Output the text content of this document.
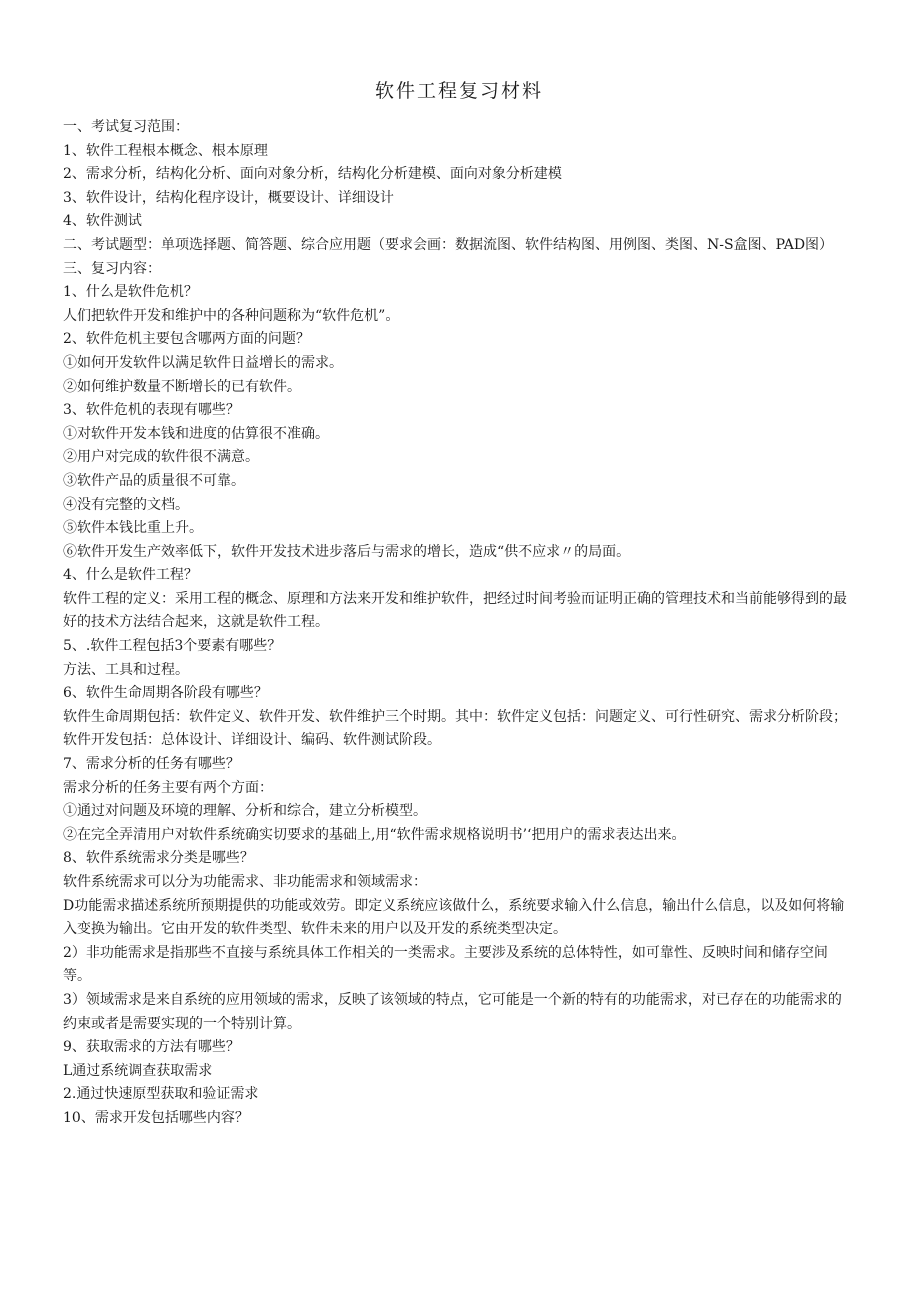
软件工程复习材料

一、考试复习范围：

1、软件工程根本概念、根本原理

2、需求分析，结构化分析、面向对象分析，结构化分析建模、面向对象分析建模

3、软件设计，结构化程序设计，概要设计、详细设计

4、软件测试

二、考试题型：单项选择题、简答题、综合应用题（要求会画：数据流图、软件结构图、用例图、类图、N-S盒图、PAD图）

三、复习内容：

1、什么是软件危机？

人们把软件开发和维护中的各种问题称为“软件危机”。

2、软件危机主要包含哪两方面的问题？

①如何开发软件以满足软件日益增长的需求。

②如何维护数量不断增长的已有软件。

3、软件危机的表现有哪些？

①对软件开发本钱和进度的估算很不准确。

②用户对完成的软件很不满意。

③软件产品的质量很不可靠。

④没有完整的文档。

⑤软件本钱比重上升。

⑥软件开发生产效率低下，软件开发技术进步落后与需求的增长，造成“供不应求〃的局面。

4、什么是软件工程？

软件工程的定义：采用工程的概念、原理和方法来开发和维护软件，把经过时间考验而证明正确的管理技术和当前能够得到的最好的技术方法结合起来，这就是软件工程。

5、.软件工程包括3个要素有哪些？

方法、工具和过程。

6、软件生命周期各阶段有哪些？

软件生命周期包括：软件定义、软件开发、软件维护三个时期。其中：软件定义包括：问题定义、可行性研究、需求分析阶段；软件开发包括：总体设计、详细设计、编码、软件测试阶段。

7、需求分析的任务有哪些？

需求分析的任务主要有两个方面：

①通过对问题及环境的理解、分析和综合，建立分析模型。

②在完全弄清用户对软件系统确实切要求的基础上,用“软件需求规格说明书’‘把用户的需求表达出来。

8、软件系统需求分类是哪些？

软件系统需求可以分为功能需求、非功能需求和领域需求：

D功能需求描述系统所预期提供的功能或效劳。即定义系统应该做什么，系统要求输入什么信息，输出什么信息，以及如何将输入变换为输出。它由开发的软件类型、软件未来的用户以及开发的系统类型决定。

2）非功能需求是指那些不直接与系统具体工作相关的一类需求。主要涉及系统的总体特性，如可靠性、反映时间和储存空间等。

3）领域需求是来自系统的应用领域的需求，反映了该领域的特点，它可能是一个新的特有的功能需求，对已存在的功能需求的约束或者是需要实现的一个特别计算。

9、获取需求的方法有哪些？

L通过系统调查获取需求

2.通过快速原型获取和验证需求

10、需求开发包括哪些内容？
